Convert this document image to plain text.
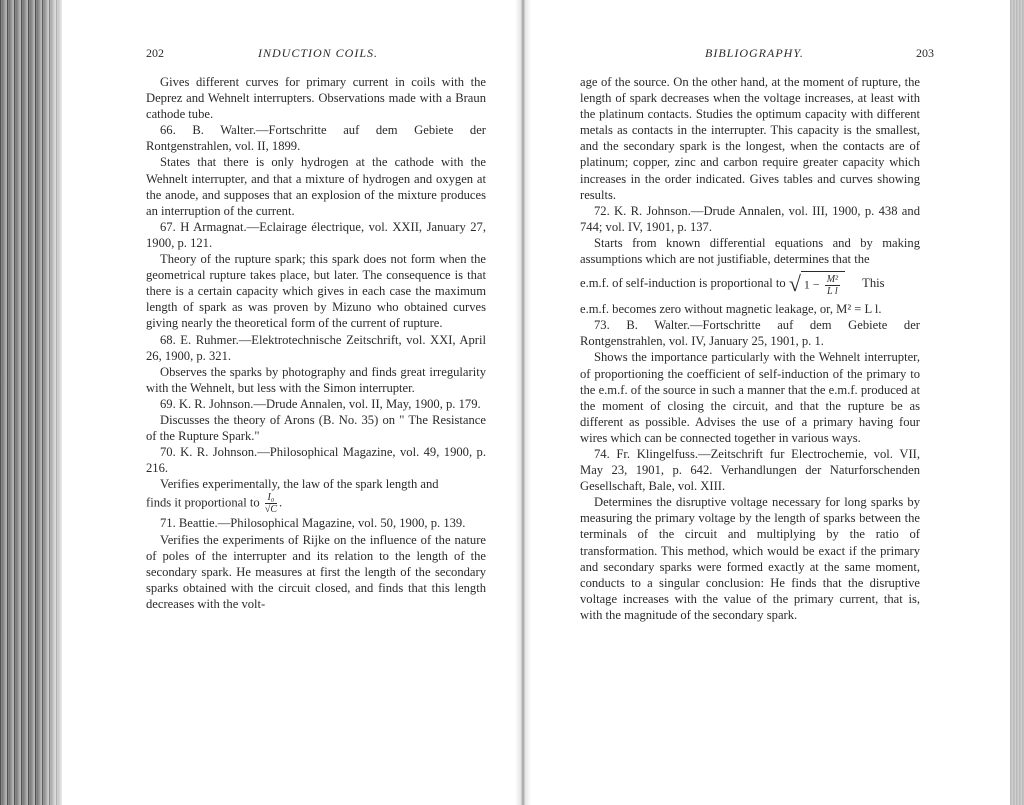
202	INDUCTION COILS.

Gives different curves for primary current in coils with the Deprez and Wehnelt interrupters. Observations made with a Braun cathode tube.

66. B. Walter.—Fortschritte auf dem Gebiete der Rontgenstrahlen, vol. II, 1899.

States that there is only hydrogen at the cathode with the Wehnelt interrupter, and that a mixture of hydrogen and oxygen at the anode, and supposes that an explosion of the mixture produces an interruption of the current.

67. H Armagnat.—Eclairage électrique, vol. XXII, January 27, 1900, p. 121.

Theory of the rupture spark; this spark does not form when the geometrical rupture takes place, but later. The consequence is that there is a certain capacity which gives in each case the maximum length of spark as was proven by Mizuno who obtained curves giving nearly the theoretical form of the current of rupture.

68. E. Ruhmer.—Elektrotechnische Zeitschrift, vol. XXI, April 26, 1900, p. 321.

Observes the sparks by photography and finds great irregularity with the Wehnelt, but less with the Simon interrupter.

69. K. R. Johnson.—Drude Annalen, vol. II, May, 1900, p. 179.

Discusses the theory of Arons (B. No. 35) on " The Resistance of the Rupture Spark."

70. K. R. Johnson.—Philosophical Magazine, vol. 49, 1900, p. 216.

Verifies experimentally, the law of the spark length and

finds it proportional to $\frac{\text{I₀}}{√C}$ .

71. Beattie.—Philosophical Magazine, vol. 50, 1900, p. 139.

Verifies the experiments of Rijke on the influence of the nature of poles of the interrupter and its relation to the length of the secondary spark. He measures at first the length of the secondary sparks obtained with the circuit closed, and finds that this length decreases with the volt-

BIBLIOGRAPHY.	203

age of the source. On the other hand, at the moment of rupture, the length of spark decreases when the voltage increases, at least with the platinum contacts. Studies the optimum capacity with different metals as contacts in the interrupter. This capacity is the smallest, and the secondary spark is the longest, when the contacts are of platinum; copper, zinc and carbon require greater capacity which increases in the order indicated. Gives tables and curves showing results.

72. K. R. Johnson.—Drude Annalen, vol. III, 1900, p. 438 and 744; vol. IV, 1901, p. 137.

Starts from known differential equations and by making assumptions which are not justifiable, determines that the

e.m.f. of self-induction is proportional to √ $1 - \frac{\text{M²}}{\text{L l}}$ This

e.m.f. becomes zero without magnetic leakage, or, M² = L l.

73. B. Walter.—Fortschritte auf dem Gebiete der Rontgenstrahlen, vol. IV, January 25, 1901, p. 1.

Shows the importance particularly with the Wehnelt interrupter, of proportioning the coefficient of self-induction of the primary to the e.m.f. of the source in such a manner that the e.m.f. produced at the moment of closing the circuit, and that the rupture be as different as possible. Advises the use of a primary having four wires which can be connected together in various ways.

74. Fr. Klingelfuss.—Zeitschrift fur Electrochemie, vol. VII, May 23, 1901, p. 642. Verhandlungen der Naturforschenden Gesellschaft, Bale, vol. XIII.

Determines the disruptive voltage necessary for long sparks by measuring the primary voltage by the length of sparks between the terminals of the circuit and multiplying by the ratio of transformation. This method, which would be exact if the primary and secondary sparks were formed exactly at the same moment, conducts to a singular conclusion: He finds that the disruptive voltage increases with the value of the primary current, that is, with the magnitude of the secondary spark.
